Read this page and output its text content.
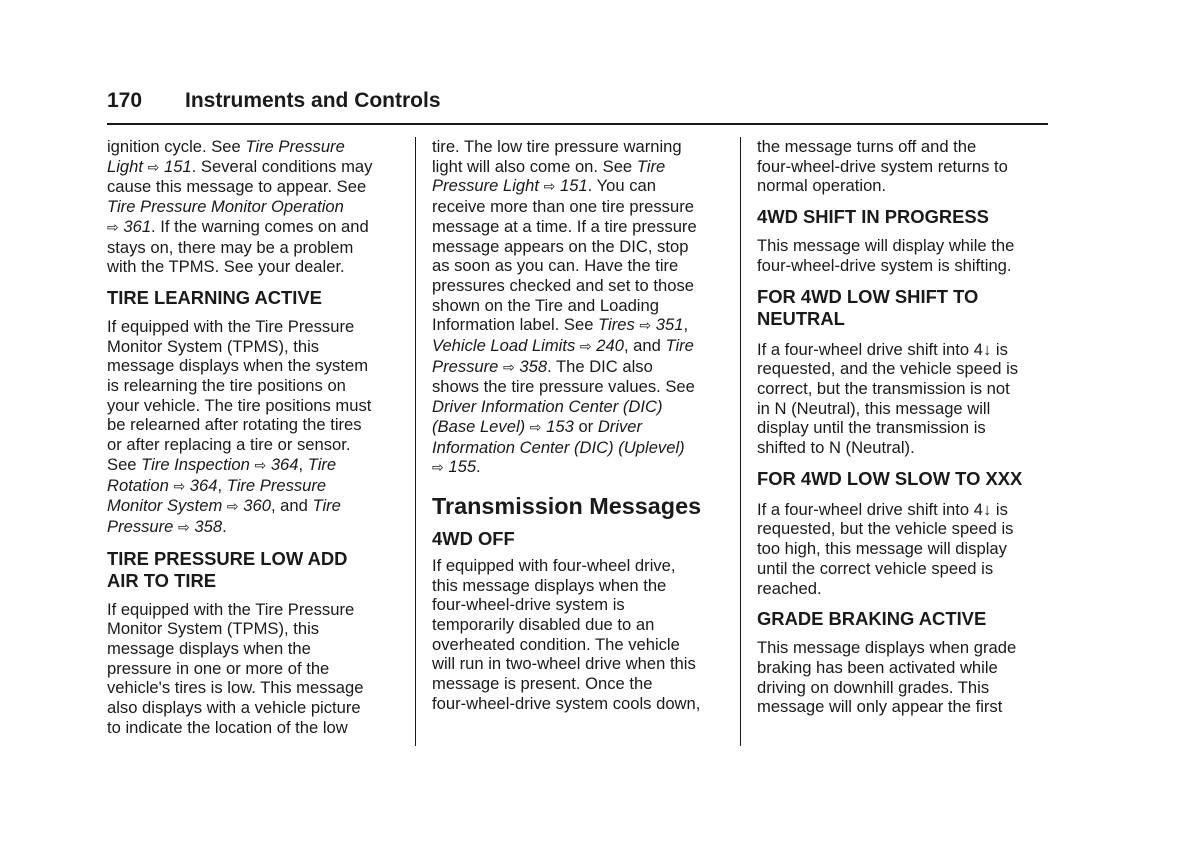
170 Instruments and Controls
ignition cycle. See Tire Pressure
Light ⇨ 151. Several conditions may
cause this message to appear. See
Tire Pressure Monitor Operation
⇨ 361. If the warning comes on and
stays on, there may be a problem
with the TPMS. See your dealer.
TIRE LEARNING ACTIVE
If equipped with the Tire Pressure
Monitor System (TPMS), this
message displays when the system
is relearning the tire positions on
your vehicle. The tire positions must
be relearned after rotating the tires
or after replacing a tire or sensor.
See Tire Inspection ⇨ 364, Tire
Rotation ⇨ 364, Tire Pressure
Monitor System ⇨ 360, and Tire
Pressure ⇨ 358.
TIRE PRESSURE LOW ADD
AIR TO TIRE
If equipped with the Tire Pressure
Monitor System (TPMS), this
message displays when the
pressure in one or more of the
vehicle's tires is low. This message
also displays with a vehicle picture
to indicate the location of the low
tire. The low tire pressure warning
light will also come on. See Tire
Pressure Light ⇨ 151. You can
receive more than one tire pressure
message at a time. If a tire pressure
message appears on the DIC, stop
as soon as you can. Have the tire
pressures checked and set to those
shown on the Tire and Loading
Information label. See Tires ⇨ 351,
Vehicle Load Limits ⇨ 240, and Tire
Pressure ⇨ 358. The DIC also
shows the tire pressure values. See
Driver Information Center (DIC)
(Base Level) ⇨ 153 or Driver
Information Center (DIC) (Uplevel)
⇨ 155.
Transmission Messages
4WD OFF
If equipped with four-wheel drive,
this message displays when the
four-wheel-drive system is
temporarily disabled due to an
overheated condition. The vehicle
will run in two-wheel drive when this
message is present. Once the
four-wheel-drive system cools down,
the message turns off and the
four-wheel-drive system returns to
normal operation.
4WD SHIFT IN PROGRESS
This message will display while the
four-wheel-drive system is shifting.
FOR 4WD LOW SHIFT TO
NEUTRAL
If a four-wheel drive shift into 4↓ is
requested, and the vehicle speed is
correct, but the transmission is not
in N (Neutral), this message will
display until the transmission is
shifted to N (Neutral).
FOR 4WD LOW SLOW TO XXX
If a four-wheel drive shift into 4↓ is
requested, but the vehicle speed is
too high, this message will display
until the correct vehicle speed is
reached.
GRADE BRAKING ACTIVE
This message displays when grade
braking has been activated while
driving on downhill grades. This
message will only appear the first
